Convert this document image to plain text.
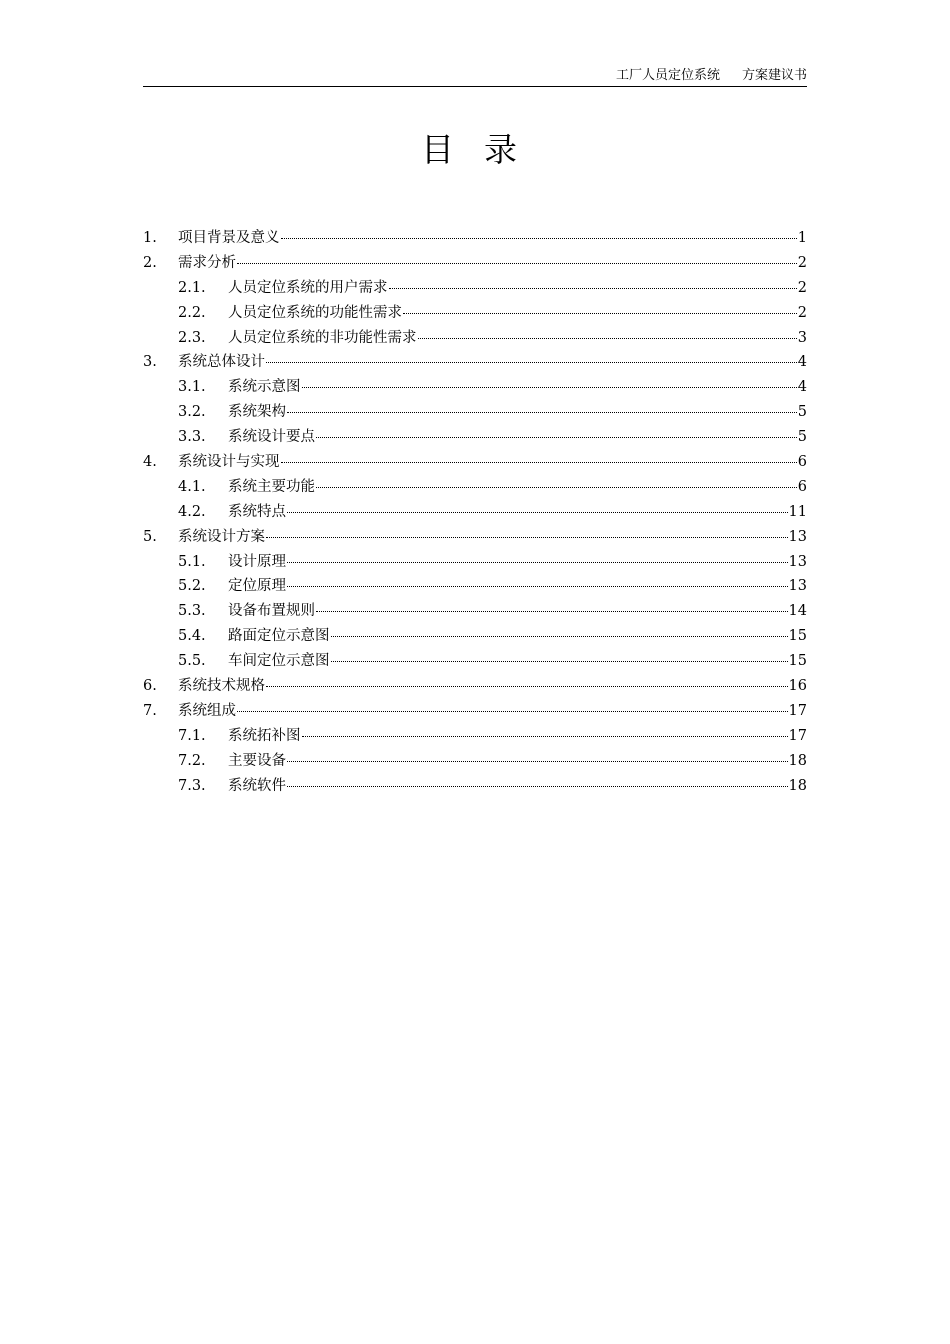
工厂人员定位系统 方案建议书
目录
1.	项目背景及意义	1
2.	需求分析	2
2.1.	人员定位系统的用户需求	2
2.2.	人员定位系统的功能性需求	2
2.3.	人员定位系统的非功能性需求	3
3.	系统总体设计	4
3.1.	系统示意图	4
3.2.	系统架构	5
3.3.	系统设计要点	5
4.	系统设计与实现	6
4.1.	系统主要功能	6
4.2.	系统特点	11
5.	系统设计方案	13
5.1.	设计原理	13
5.2.	定位原理	13
5.3.	设备布置规则	14
5.4.	路面定位示意图	15
5.5.	车间定位示意图	15
6.	系统技术规格	16
7.	系统组成	17
7.1.	系统拓补图	17
7.2.	主要设备	18
7.3.	系统软件	18
